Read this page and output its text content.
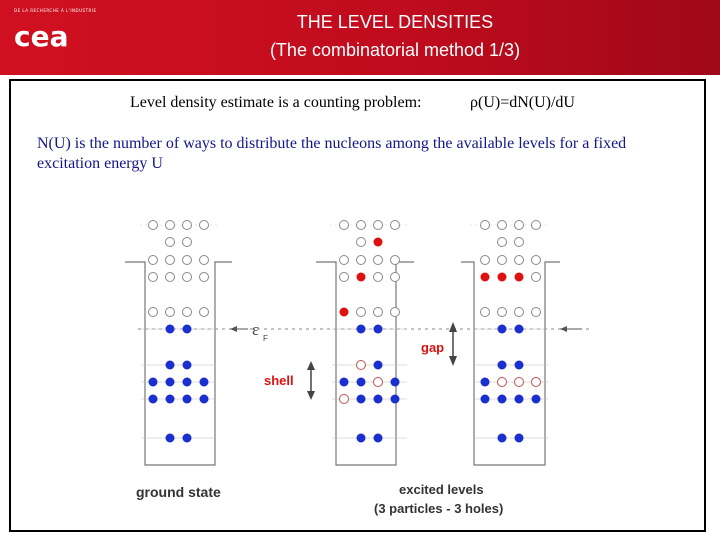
DE LA RECHERCHE À L'INDUSTRIE
cea	THE LEVEL DENSITIES
(The combinatorial method 1/3)
Level density estimate is a counting problem:	ρ(U)=dN(U)/dU
N(U) is the number of ways to distribute the nucleons among the available levels for a fixed excitation energy U
ε F
gap
shell
ground state	excited levels
(3 particles - 3 holes)
